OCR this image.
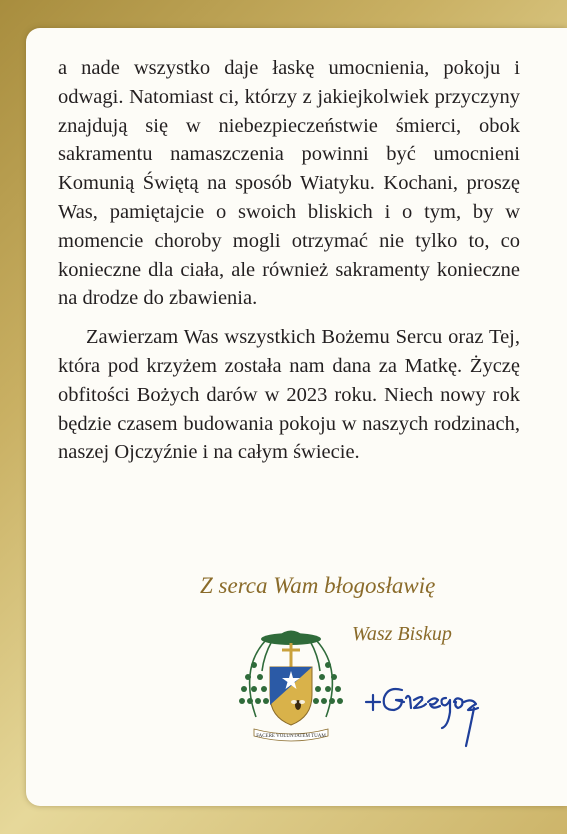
a nade wszystko daje łaskę umocnienia, pokoju i odwagi. Natomiast ci, którzy z jakiejkolwiek przyczyny znajdują się w niebezpieczeństwie śmierci, obok sakramentu namaszczenia powinni być umocnieni Komunią Świętą na sposób Wiatyku. Kochani, proszę Was, pamiętajcie o swoich bliskich i o tym, by w momencie choroby mogli otrzymać nie tylko to, co konieczne dla ciała, ale również sakramenty konieczne na drodze do zbawienia.

Zawierzam Was wszystkich Bożemu Sercu oraz Tej, która pod krzyżem została nam dana za Matkę. Życzę obfitości Bożych darów w 2023 roku. Niech nowy rok będzie czasem budowania pokoju w naszych rodzinach, naszej Ojczyźnie i na całym świecie.

Z serca Wam błogosławię
Wasz Biskup
FACERE VOLUNTATEM TUAM
